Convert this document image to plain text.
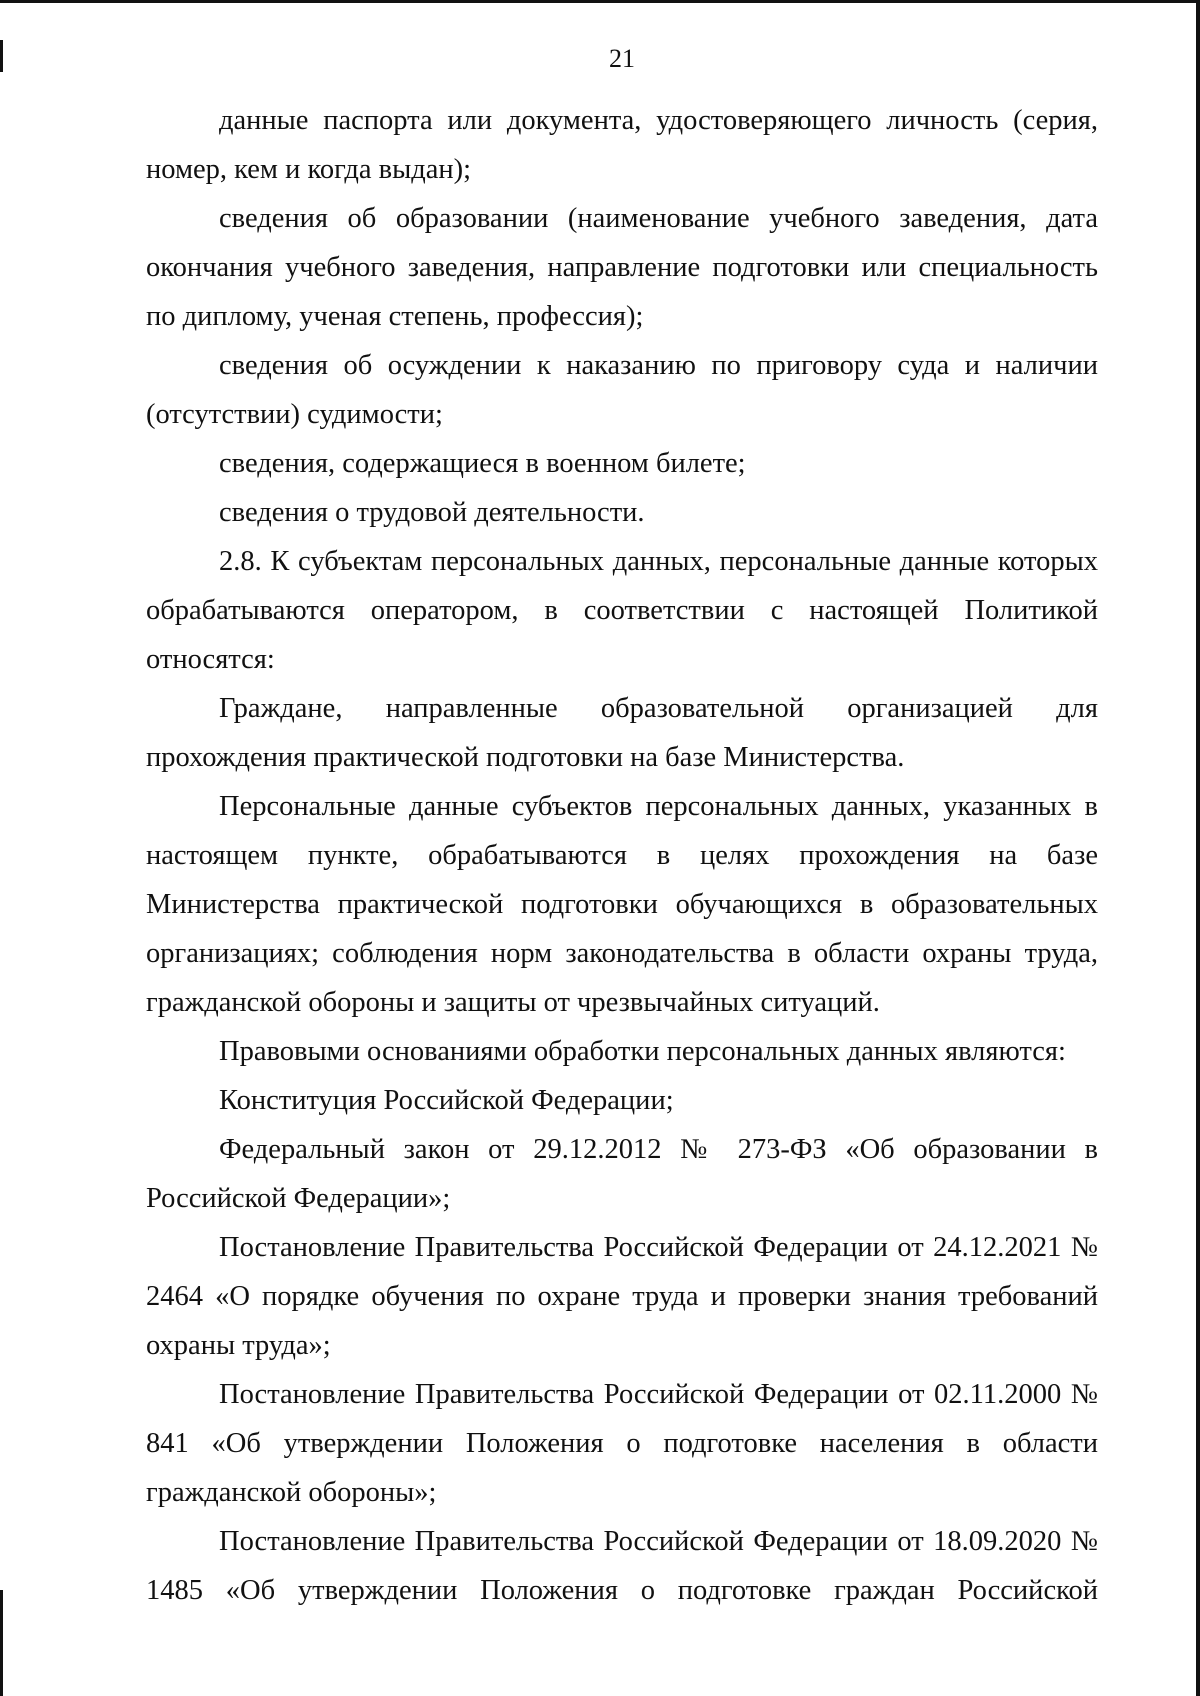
21

данные паспорта или документа, удостоверяющего личность (серия, номер, кем и когда выдан);

сведения об образовании (наименование учебного заведения, дата окончания учебного заведения, направление подготовки или специальность по диплому, ученая степень, профессия);

сведения об осуждении к наказанию по приговору суда и наличии (отсутствии) судимости;

сведения, содержащиеся в военном билете;

сведения о трудовой деятельности.

2.8. К субъектам персональных данных, персональные данные которых обрабатываются оператором, в соответствии с настоящей Политикой относятся:

Граждане, направленные образовательной организацией для прохождения практической подготовки на базе Министерства.

Персональные данные субъектов персональных данных, указанных в настоящем пункте, обрабатываются в целях прохождения на базе Министерства практической подготовки обучающихся в образовательных организациях; соблюдения норм законодательства в области охраны труда, гражданской обороны и защиты от чрезвычайных ситуаций.

Правовыми основаниями обработки персональных данных являются:

Конституция Российской Федерации;

Федеральный закон от 29.12.2012 № 273-ФЗ «Об образовании в Российской Федерации»;

Постановление Правительства Российской Федерации от 24.12.2021 № 2464 «О порядке обучения по охране труда и проверки знания требований охраны труда»;

Постановление Правительства Российской Федерации от 02.11.2000 № 841 «Об утверждении Положения о подготовке населения в области гражданской обороны»;

Постановление Правительства Российской Федерации от 18.09.2020 № 1485 «Об утверждении Положения о подготовке граждан Российской
